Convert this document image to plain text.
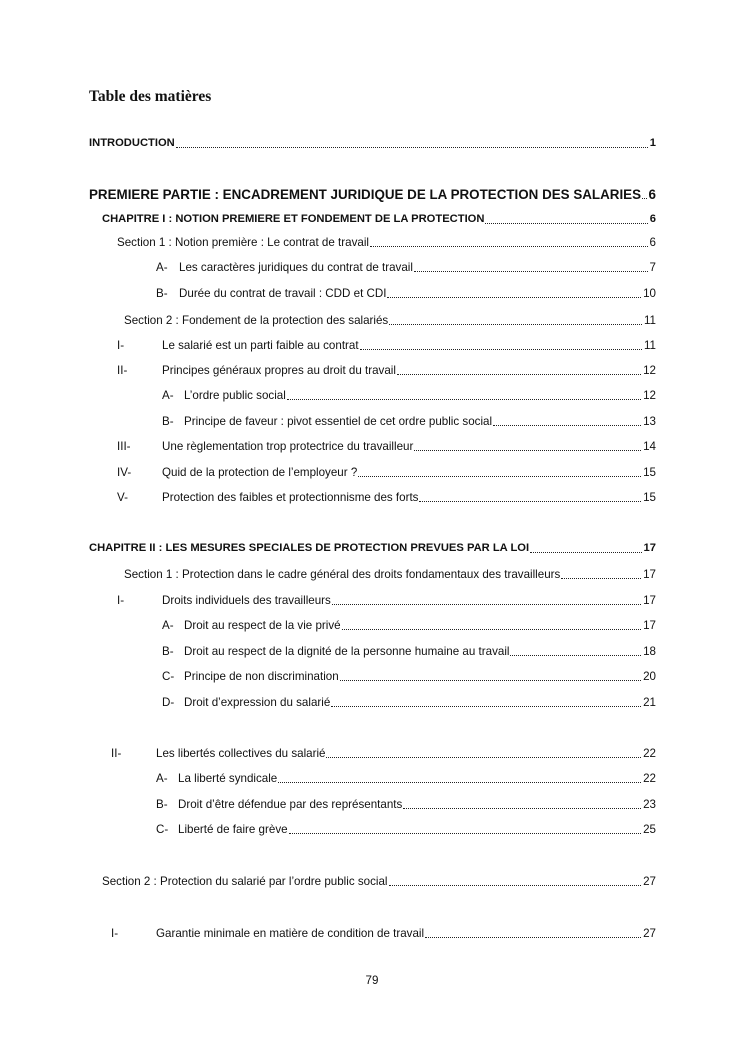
Table des matières
INTRODUCTION	1
PREMIERE PARTIE : ENCADREMENT JURIDIQUE DE LA PROTECTION DES SALARIES 6
CHAPITRE I : NOTION PREMIERE ET FONDEMENT DE LA PROTECTION	6
Section 1 : Notion première : Le contrat de travail	6
A- Les caractères juridiques du contrat de travail	7
B- Durée du contrat de travail : CDD et CDI	10
Section 2 : Fondement de la protection des salariés	11
I-	Le salarié est un parti faible au contrat	11
II-	Principes généraux propres au droit du travail	12
A- L’ordre public social	12
B- Principe de faveur : pivot essentiel de cet ordre public social	13
III-	Une règlementation trop protectrice du travailleur	14
IV-	Quid de la protection de l’employeur ?	15
V-	Protection des faibles et protectionnisme des forts	15
CHAPITRE II : LES MESURES SPECIALES DE PROTECTION PREVUES PAR LA LOI	17
Section 1 : Protection dans le cadre général des droits fondamentaux des travailleurs	17
I-	Droits individuels des travailleurs	17
A- Droit au respect de la vie privé	17
B- Droit au respect de la dignité de la personne humaine au travail	18
C- Principe de non discrimination	20
D- Droit d’expression du salarié	21
II-	Les libertés collectives du salarié	22
A- La liberté syndicale	22
B- Droit d’être défendue par des représentants	23
C- Liberté de faire grève	25
Section 2 : Protection du salarié par l’ordre public social	27
I-	Garantie minimale en matière de condition de travail	27
79
